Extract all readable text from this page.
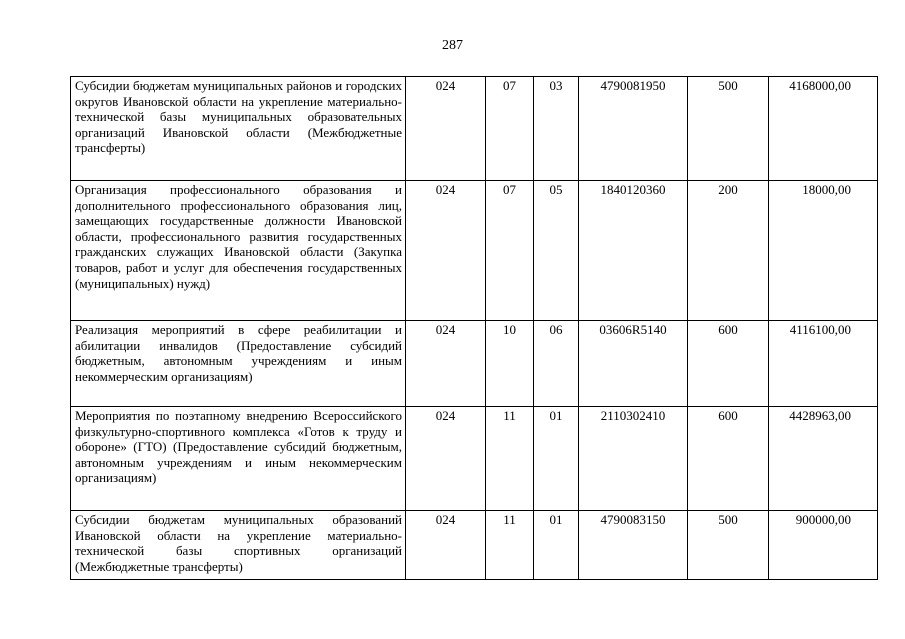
287
Субсидии бюджетам муниципальных районов и городских округов Ивановской области на укрепление материально-технической базы муниципальных образовательных организаций Ивановской области (Межбюджетные трансферты)	024	07	03	4790081950	500	4168000,00
Организация профессионального образования и дополнительного профессионального образования лиц, замещающих государственные должности Ивановской области, профессионального развития государственных гражданских служащих Ивановской области (Закупка товаров, работ и услуг для обеспечения государственных (муниципальных) нужд)	024	07	05	1840120360	200	18000,00
Реализация мероприятий в сфере реабилитации и абилитации инвалидов (Предоставление субсидий бюджетным, автономным учреждениям и иным некоммерческим организациям)	024	10	06	03606R5140	600	4116100,00
Мероприятия по поэтапному внедрению Всероссийского физкультурно-спортивного комплекса «Готов к труду и обороне» (ГТО) (Предоставление субсидий бюджетным, автономным учреждениям и иным некоммерческим организациям)	024	11	01	2110302410	600	4428963,00
Субсидии бюджетам муниципальных образований Ивановской области на укрепление материально-технической базы спортивных организаций (Межбюджетные трансферты)	024	11	01	4790083150	500	900000,00
